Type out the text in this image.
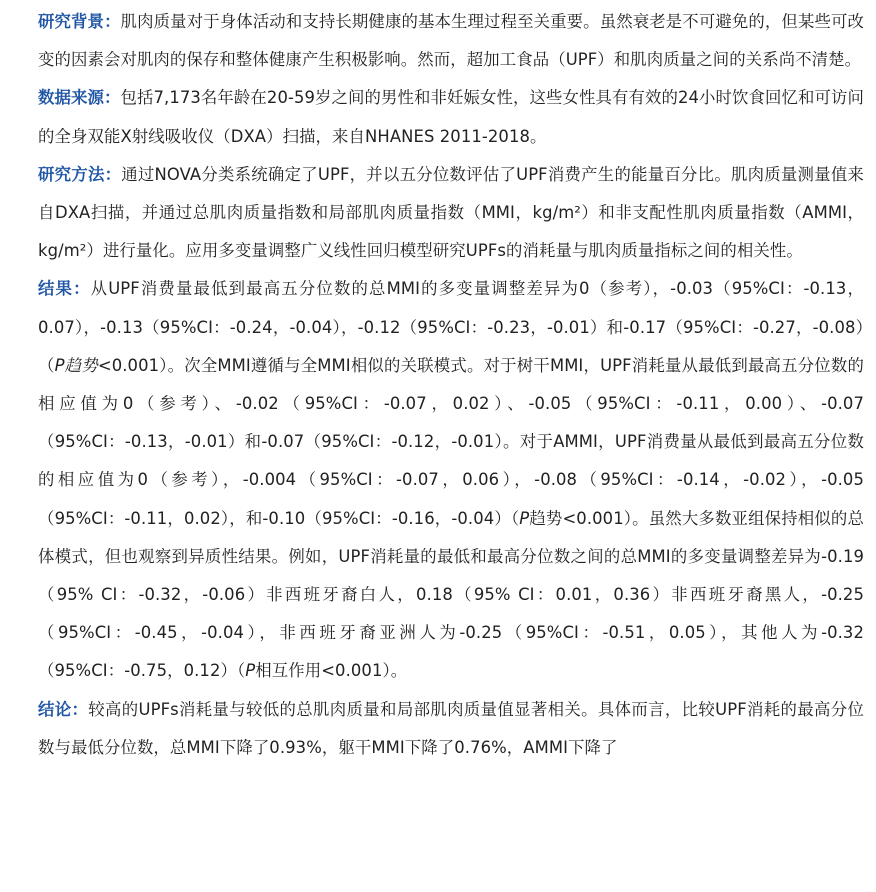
研究背景：肌肉质量对于身体活动和支持长期健康的基本生理过程至关重要。虽然衰老是不可避免的，但某些可改变的因素会对肌肉的保存和整体健康产生积极影响。然而，超加工食品（UPF）和肌肉质量之间的关系尚不清楚。

数据来源：包括7,173名年龄在20-59岁之间的男性和非妊娠女性，这些女性具有有效的24小时饮食回忆和可访问的全身双能X射线吸收仪（DXA）扫描，来自NHANES 2011-2018。

研究方法：通过NOVA分类系统确定了UPF，并以五分位数评估了UPF消费产生的能量百分比。肌肉质量测量值来自DXA扫描，并通过总肌肉质量指数和局部肌肉质量指数（MMI，kg/m²）和非支配性肌肉质量指数（AMMI，kg/m²）进行量化。应用多变量调整广义线性回归模型研究UPFs的消耗量与肌肉质量指标之间的相关性。

结果：从UPF消费量最低到最高五分位数的总MMI的多变量调整差异为0（参考），-0.03（95%CI：-0.13，0.07），-0.13（95%CI：-0.24，-0.04），-0.12（95%CI：-0.23，-0.01）和-0.17（95%CI：-0.27，-0.08）（P趋势<0.001）。次全MMI遵循与全MMI相似的关联模式。对于树干MMI，UPF消耗量从最低到最高五分位数的相应值为0（参考）、-0.02（95%CI：-0.07，0.02）、-0.05（95%CI：-0.11，0.00）、-0.07（95%CI：-0.13，-0.01）和-0.07（95%CI：-0.12，-0.01）。对于AMMI，UPF消费量从最低到最高五分位数的相应值为0（参考），-0.004（95%CI：-0.07，0.06），-0.08（95%CI：-0.14，-0.02），-0.05（95%CI：-0.11，0.02），和-0.10（95%CI：-0.16，-0.04）（P趋势<0.001）。虽然大多数亚组保持相似的总体模式，但也观察到异质性结果。例如，UPF消耗量的最低和最高分位数之间的总MMI的多变量调整差异为-0.19（95% CI：-0.32，-0.06）非西班牙裔白人，0.18（95% CI：0.01，0.36）非西班牙裔黑人，-0.25（95%CI：-0.45，-0.04），非西班牙裔亚洲人为-0.25（95%CI：-0.51，0.05），其他人为-0.32（95%CI：-0.75，0.12）（P相互作用<0.001）。

结论：较高的UPFs消耗量与较低的总肌肉质量和局部肌肉质量值显著相关。具体而言，比较UPF消耗的最高分位数与最低分位数，总MMI下降了0.93%，躯干MMI下降了0.76%，AMMI下降了
